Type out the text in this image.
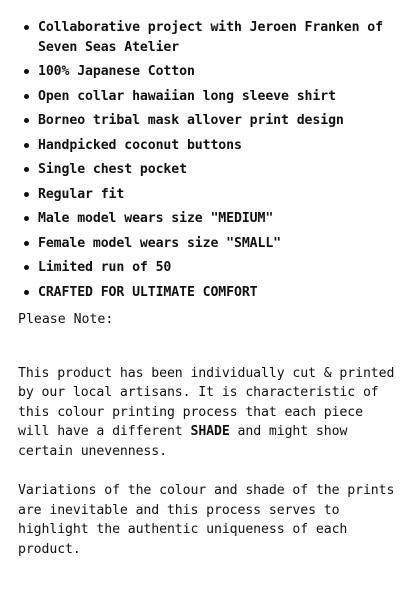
Collaborative project with Jeroen Franken of Seven Seas Atelier
100% Japanese Cotton
Open collar hawaiian long sleeve shirt
Borneo tribal mask allover print design
Handpicked coconut buttons
Single chest pocket
Regular fit
Male model wears size "MEDIUM"
Female model wears size "SMALL"
Limited run of 50
CRAFTED FOR ULTIMATE COMFORT
Please Note:

This product has been individually cut & printed by our local artisans. It is characteristic of this colour printing process that each piece will have a different SHADE and might show certain unevenness.

Variations of the colour and shade of the prints are inevitable and this process serves to highlight the authentic uniqueness of each product.
